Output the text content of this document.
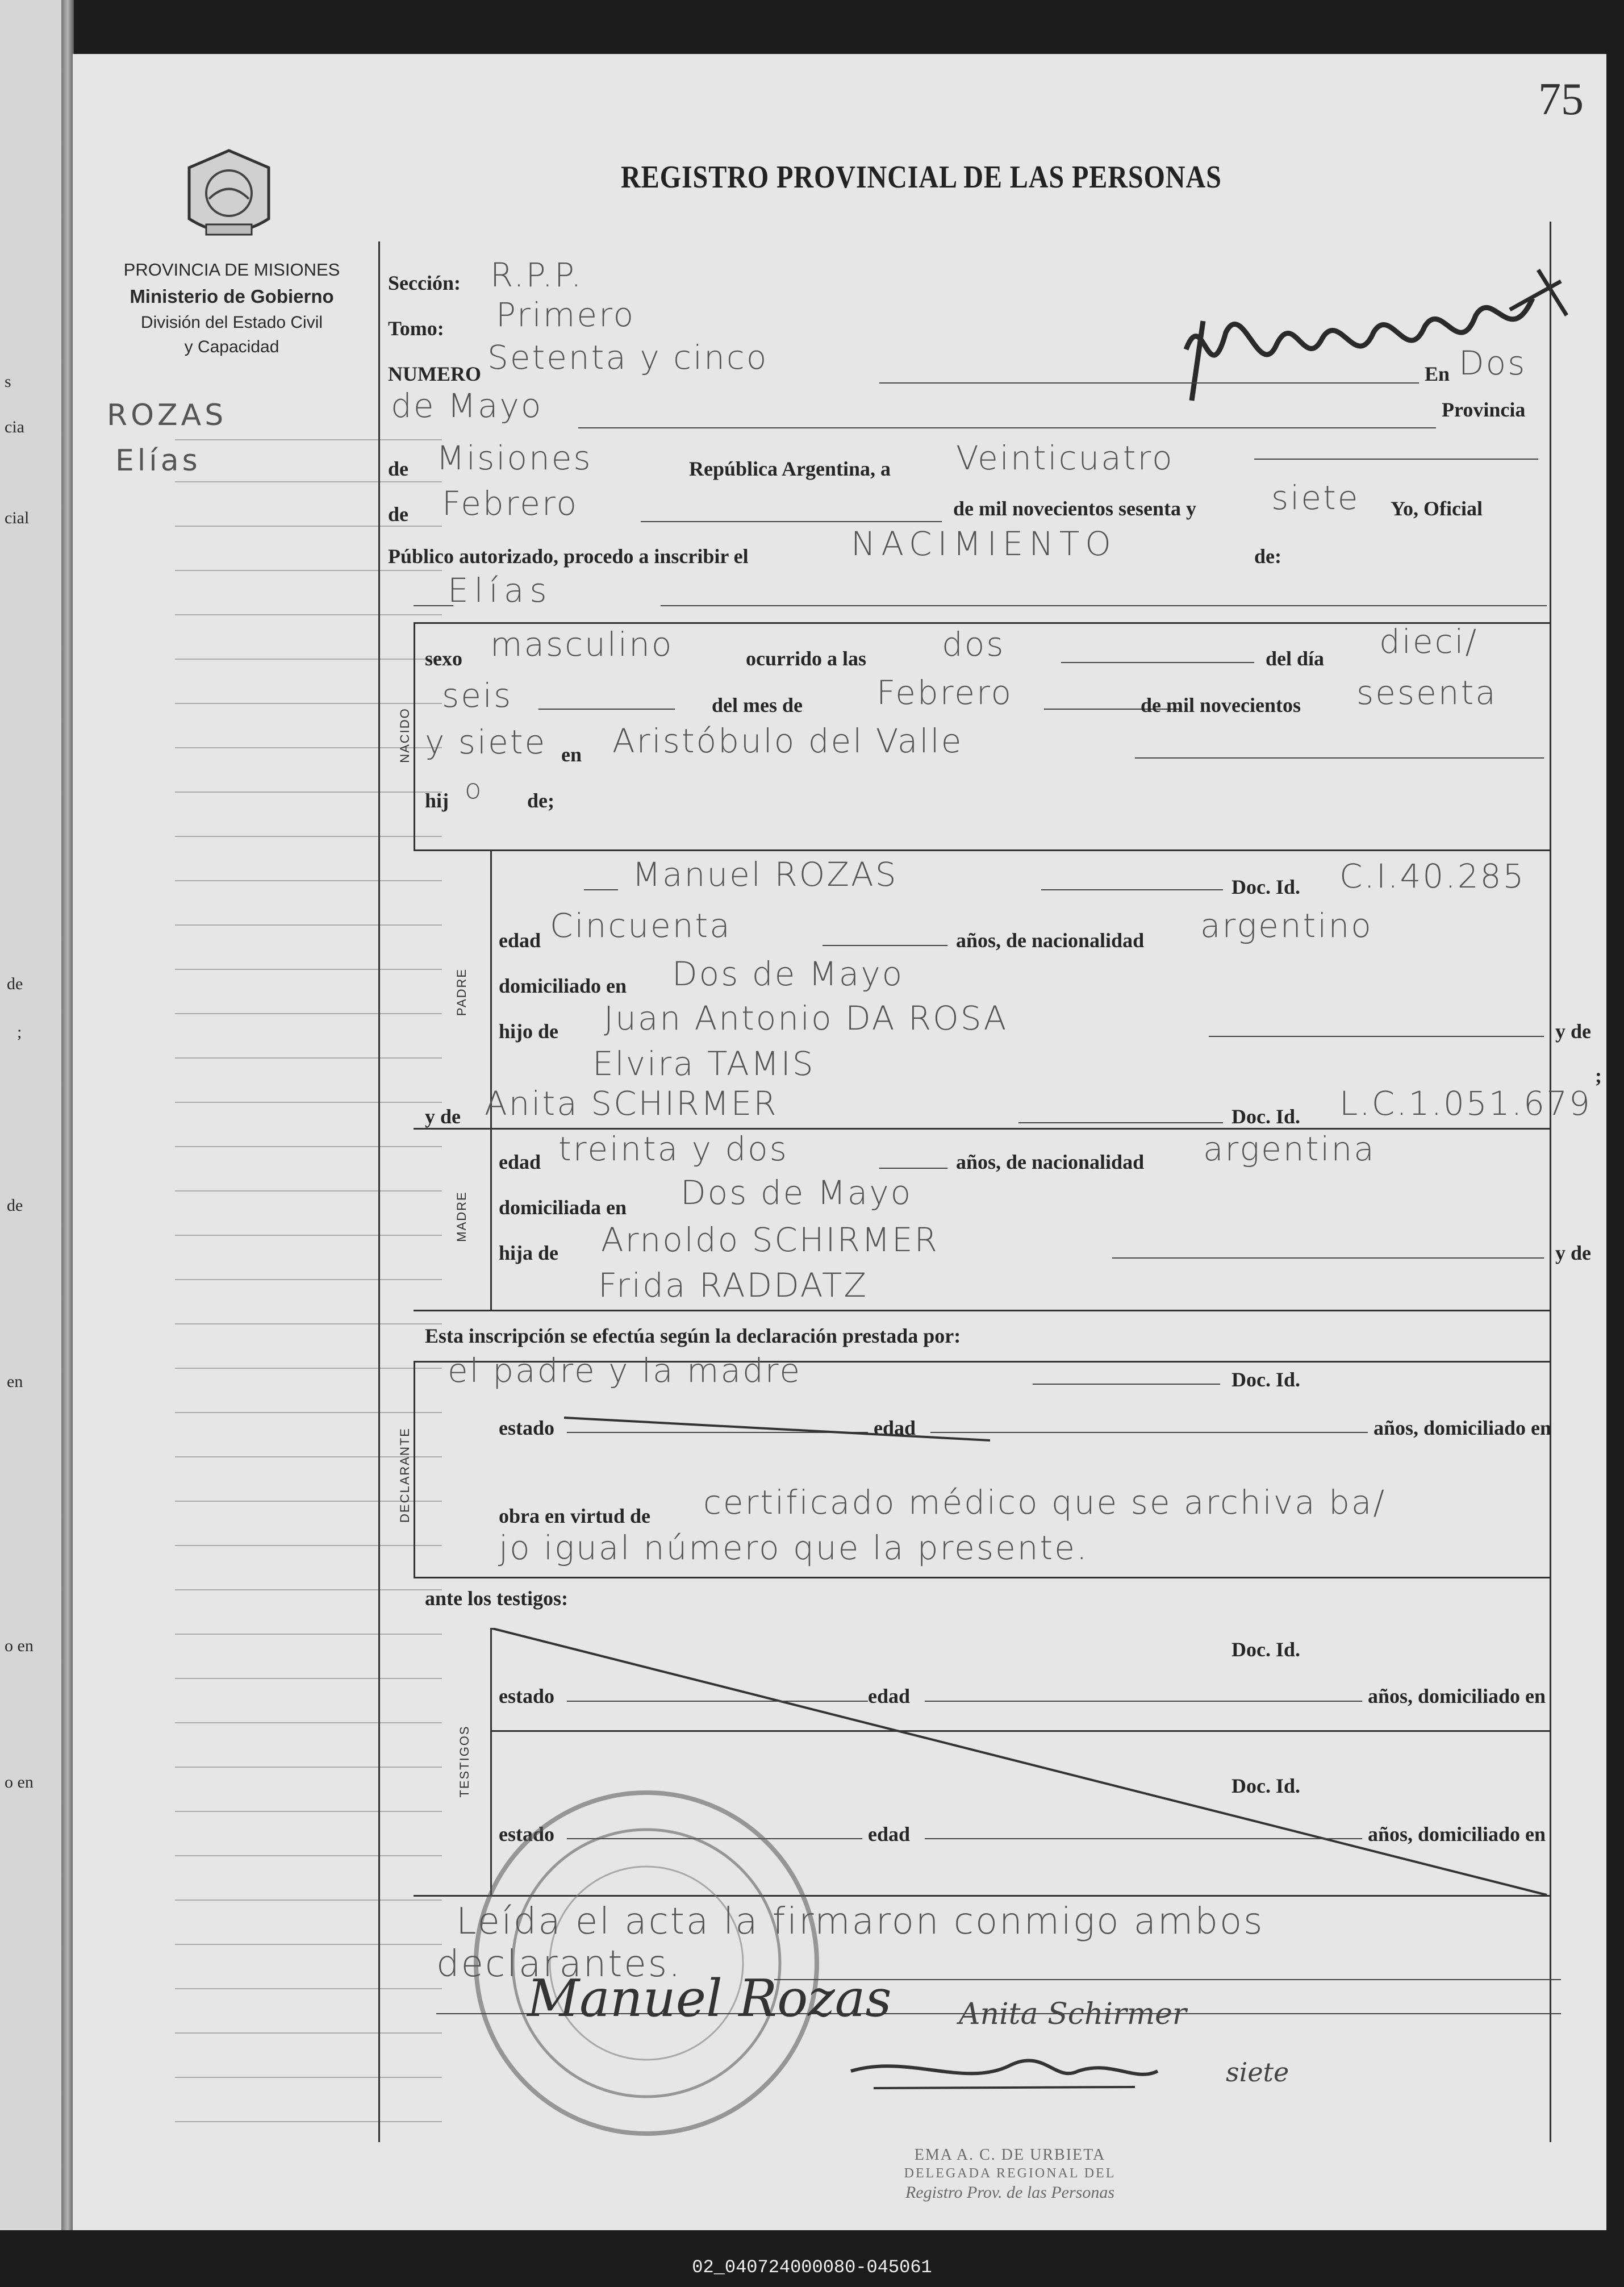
s
cia
cial
de
;
de
en
o en
o en
75
PROVINCIA DE MISIONES
Ministerio de Gobierno
División del Estado Civil
y Capacidad
REGISTRO PROVINCIAL DE LAS PERSONAS
ROZAS
Elías
Sección: R.P.P.
Tomo: Primero
NUMERO Setenta y cinco	En Dos
de Mayo	Provincia
de Misiones	República Argentina, a Veinticuatro
de Febrero	de mil novecientos sesenta y siete Yo, Oficial
Público autorizado, procedo a inscribir el	NACIMIENTO	de:
Elías
NACIDO
sexo masculino	ocurrido a las dos	del día dieci/
seis	del mes de Febrero	de mil novecientos sesenta
y siete en Aristóbulo del Valle
hij o de;
PADRE
Manuel ROZAS	Doc. Id. C.I.40.285
edad Cincuenta	años, de nacionalidad argentino
domiciliado en Dos de Mayo
hijo de Juan Antonio DA ROSA	y de
Elvira TAMIS	;
y de Anita SCHIRMER	Doc. Id. L.C.1.051.679
MADRE
edad treinta y dos	años, de nacionalidad argentina
domiciliada en Dos de Mayo
hija de Arnoldo SCHIRMER	y de
Frida RADDATZ
Esta inscripción se efectúa según la declaración prestada por:
DECLARANTE
el padre y la madre	Doc. Id.
estado	edad	años, domiciliado en
obra en virtud de certificado médico que se archiva ba/
jo igual número que la presente.
ante los testigos:
TESTIGOS
Doc. Id.
estado	edad	años, domiciliado en
Doc. Id.
estado	edad	años, domiciliado en
Leída el acta la firmaron conmigo ambos
declarantes.
Manuel Rozas Anita Schirmer
siete
EMA A. C. DE URBIETA
DELEGADA REGIONAL DEL
Registro Prov. de las Personas
02_040724000080-045061
